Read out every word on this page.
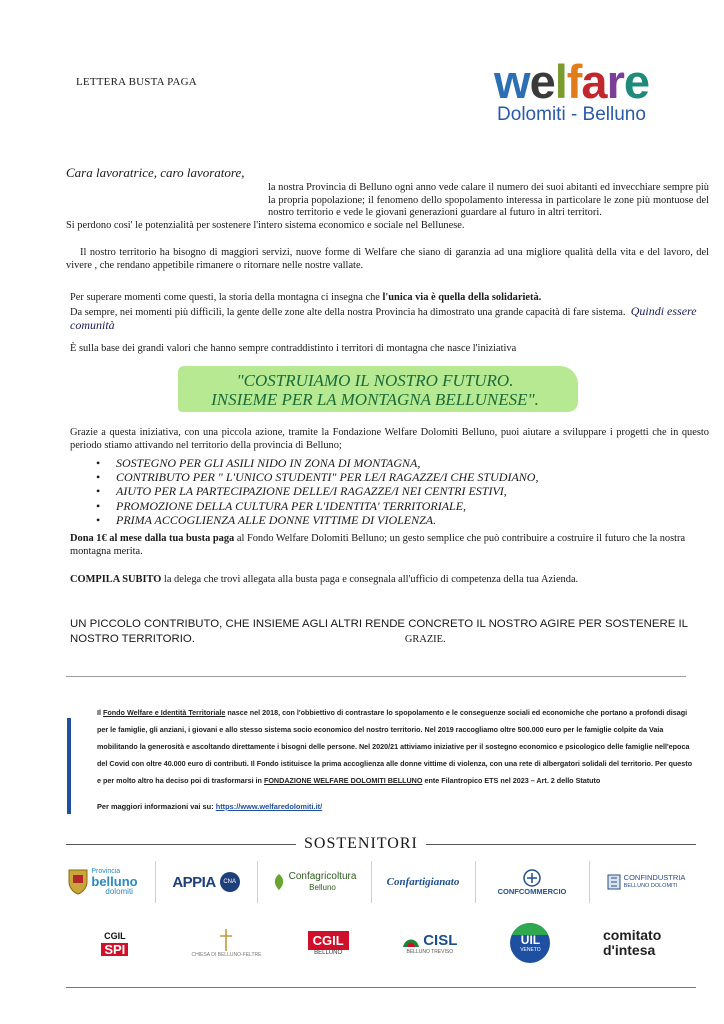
LETTERA BUSTA PAGA	welfare
Dolomiti - Belluno
Cara lavoratrice, caro lavoratore,
la nostra Provincia di Belluno ogni anno vede calare il numero dei suoi abitanti ed invecchiare sempre più la propria popolazione; il fenomeno dello spopolamento interessa in particolare le zone più montuose del nostro territorio e vede le giovani generazioni guardare al futuro in altri territori.
Si perdono cosi' le potenzialità per sostenere l'intero sistema economico e sociale nel Bellunese.
Il nostro territorio ha bisogno di maggiori servizi, nuove forme di Welfare che siano di garanzia ad una migliore qualità della vita e del lavoro, del vivere , che rendano appetibile rimanere o ritornare nelle nostre vallate.
Per superare momenti come questi, la storia della montagna ci insegna che l'unica via è quella della solidarietà.
Da sempre, nei momenti più difficili, la gente delle zone alte della nostra Provincia ha dimostrato una grande capacità di fare sistema. Quindi essere comunità
È sulla base dei grandi valori che hanno sempre contraddistinto i territori di montagna che nasce l'iniziativa
"COSTRUIAMO IL NOSTRO FUTURO.
INSIEME PER LA MONTAGNA BELLUNESE".
Grazie a questa iniziativa, con una piccola azione, tramite la Fondazione Welfare Dolomiti Belluno, puoi aiutare a sviluppare i progetti che in questo periodo stiamo attivando nel territorio della provincia di Belluno;
• SOSTEGNO PER GLI ASILI NIDO IN ZONA DI MONTAGNA,
• CONTRIBUTO PER " L'UNICO STUDENTI" PER LE/I RAGAZZE/I CHE STUDIANO,
• AIUTO PER LA PARTECIPAZIONE DELLE/I RAGAZZE/I NEI CENTRI ESTIVI,
• PROMOZIONE DELLA CULTURA PER L'IDENTITA' TERRITORIALE,
• PRIMA ACCOGLIENZA ALLE DONNE VITTIME DI VIOLENZA.
Dona 1€ al mese dalla tua busta paga al Fondo Welfare Dolomiti Belluno; un gesto semplice che può contribuire a costruire il futuro che la nostra montagna merita.
COMPILA SUBITO la delega che trovi allegata alla busta paga e consegnala all'ufficio di competenza della tua Azienda.
UN PICCOLO CONTRIBUTO, CHE INSIEME AGLI ALTRI RENDE CONCRETO IL NOSTRO AGIRE PER SOSTENERE IL NOSTRO TERRITORIO.	GRAZIE.
Il Fondo Welfare e Identità Territoriale nasce nel 2018, con l'obbiettivo di contrastare lo spopolamento e le conseguenze sociali ed economiche che portano a profondi disagi per le famiglie, gli anziani, i giovani e allo stesso sistema socio economico del nostro territorio. Nel 2019 raccogliamo oltre 500.000 euro per le famiglie colpite da Vaia mobilitando la generosità e ascoltando direttamente i bisogni delle persone. Nel 2020/21 attiviamo iniziative per il sostegno economico e psicologico delle famiglie nell'epoca del Covid con oltre 40.000 euro di contributi. Il Fondo istituisce la prima accoglienza alle donne vittime di violenza, con una rete di albergatori solidali del territorio. Per questo e per molto altro ha deciso poi di trasformarsi in FONDAZIONE WELFARE DOLOMITI BELLUNO ente Filantropico ETS nel 2023 – Art. 2 dello Statuto
Per maggiori informazioni vai su: https://www.welfaredolomiti.it/
SOSTENITORI
Provincia
belluno
dolomiti
APPIA	CNA	Confagricoltura
Belluno	Confartigianato
CONFCOMMERCIO
CONFINDUSTRIA
BELLUNO DOLOMITI
CGIL
SPI	CHIESA DI BELLUNO-FELTRE
CGIL
BELLUNO
CISL
BELLUNO TREVISO
UIL
VENETO
comitato
d'intesa
